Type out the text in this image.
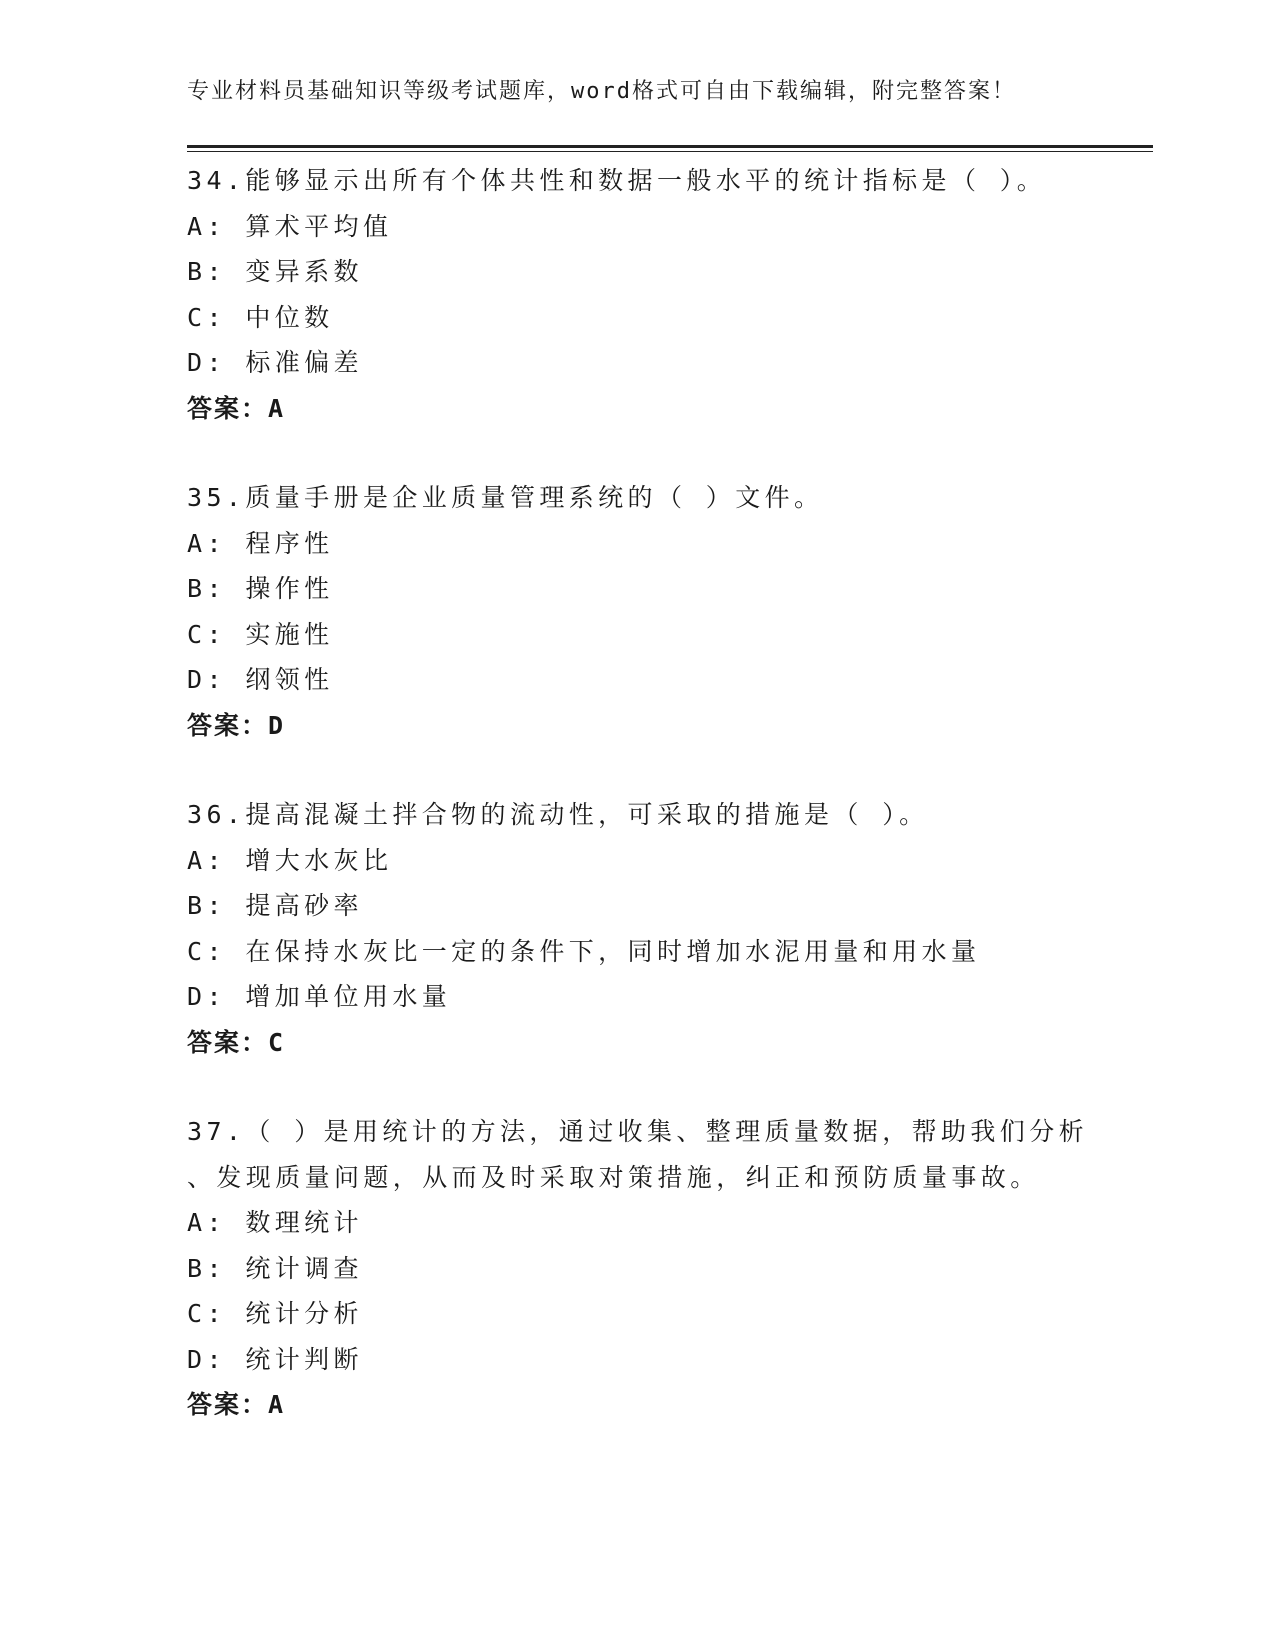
专业材料员基础知识等级考试题库，word格式可自由下载编辑，附完整答案！
34.能够显示出所有个体共性和数据一般水平的统计指标是（ ）。
A: 算术平均值
B: 变异系数
C: 中位数
D: 标准偏差
答案：A
35.质量手册是企业质量管理系统的（ ）文件。
A: 程序性
B: 操作性
C: 实施性
D: 纲领性
答案：D
36.提高混凝土拌合物的流动性，可采取的措施是（ ）。
A: 增大水灰比
B: 提高砂率
C: 在保持水灰比一定的条件下，同时增加水泥用量和用水量
D: 增加单位用水量
答案：C
37.（ ）是用统计的方法，通过收集、整理质量数据，帮助我们分析
、发现质量问题，从而及时采取对策措施，纠正和预防质量事故。
A: 数理统计
B: 统计调查
C: 统计分析
D: 统计判断
答案：A
